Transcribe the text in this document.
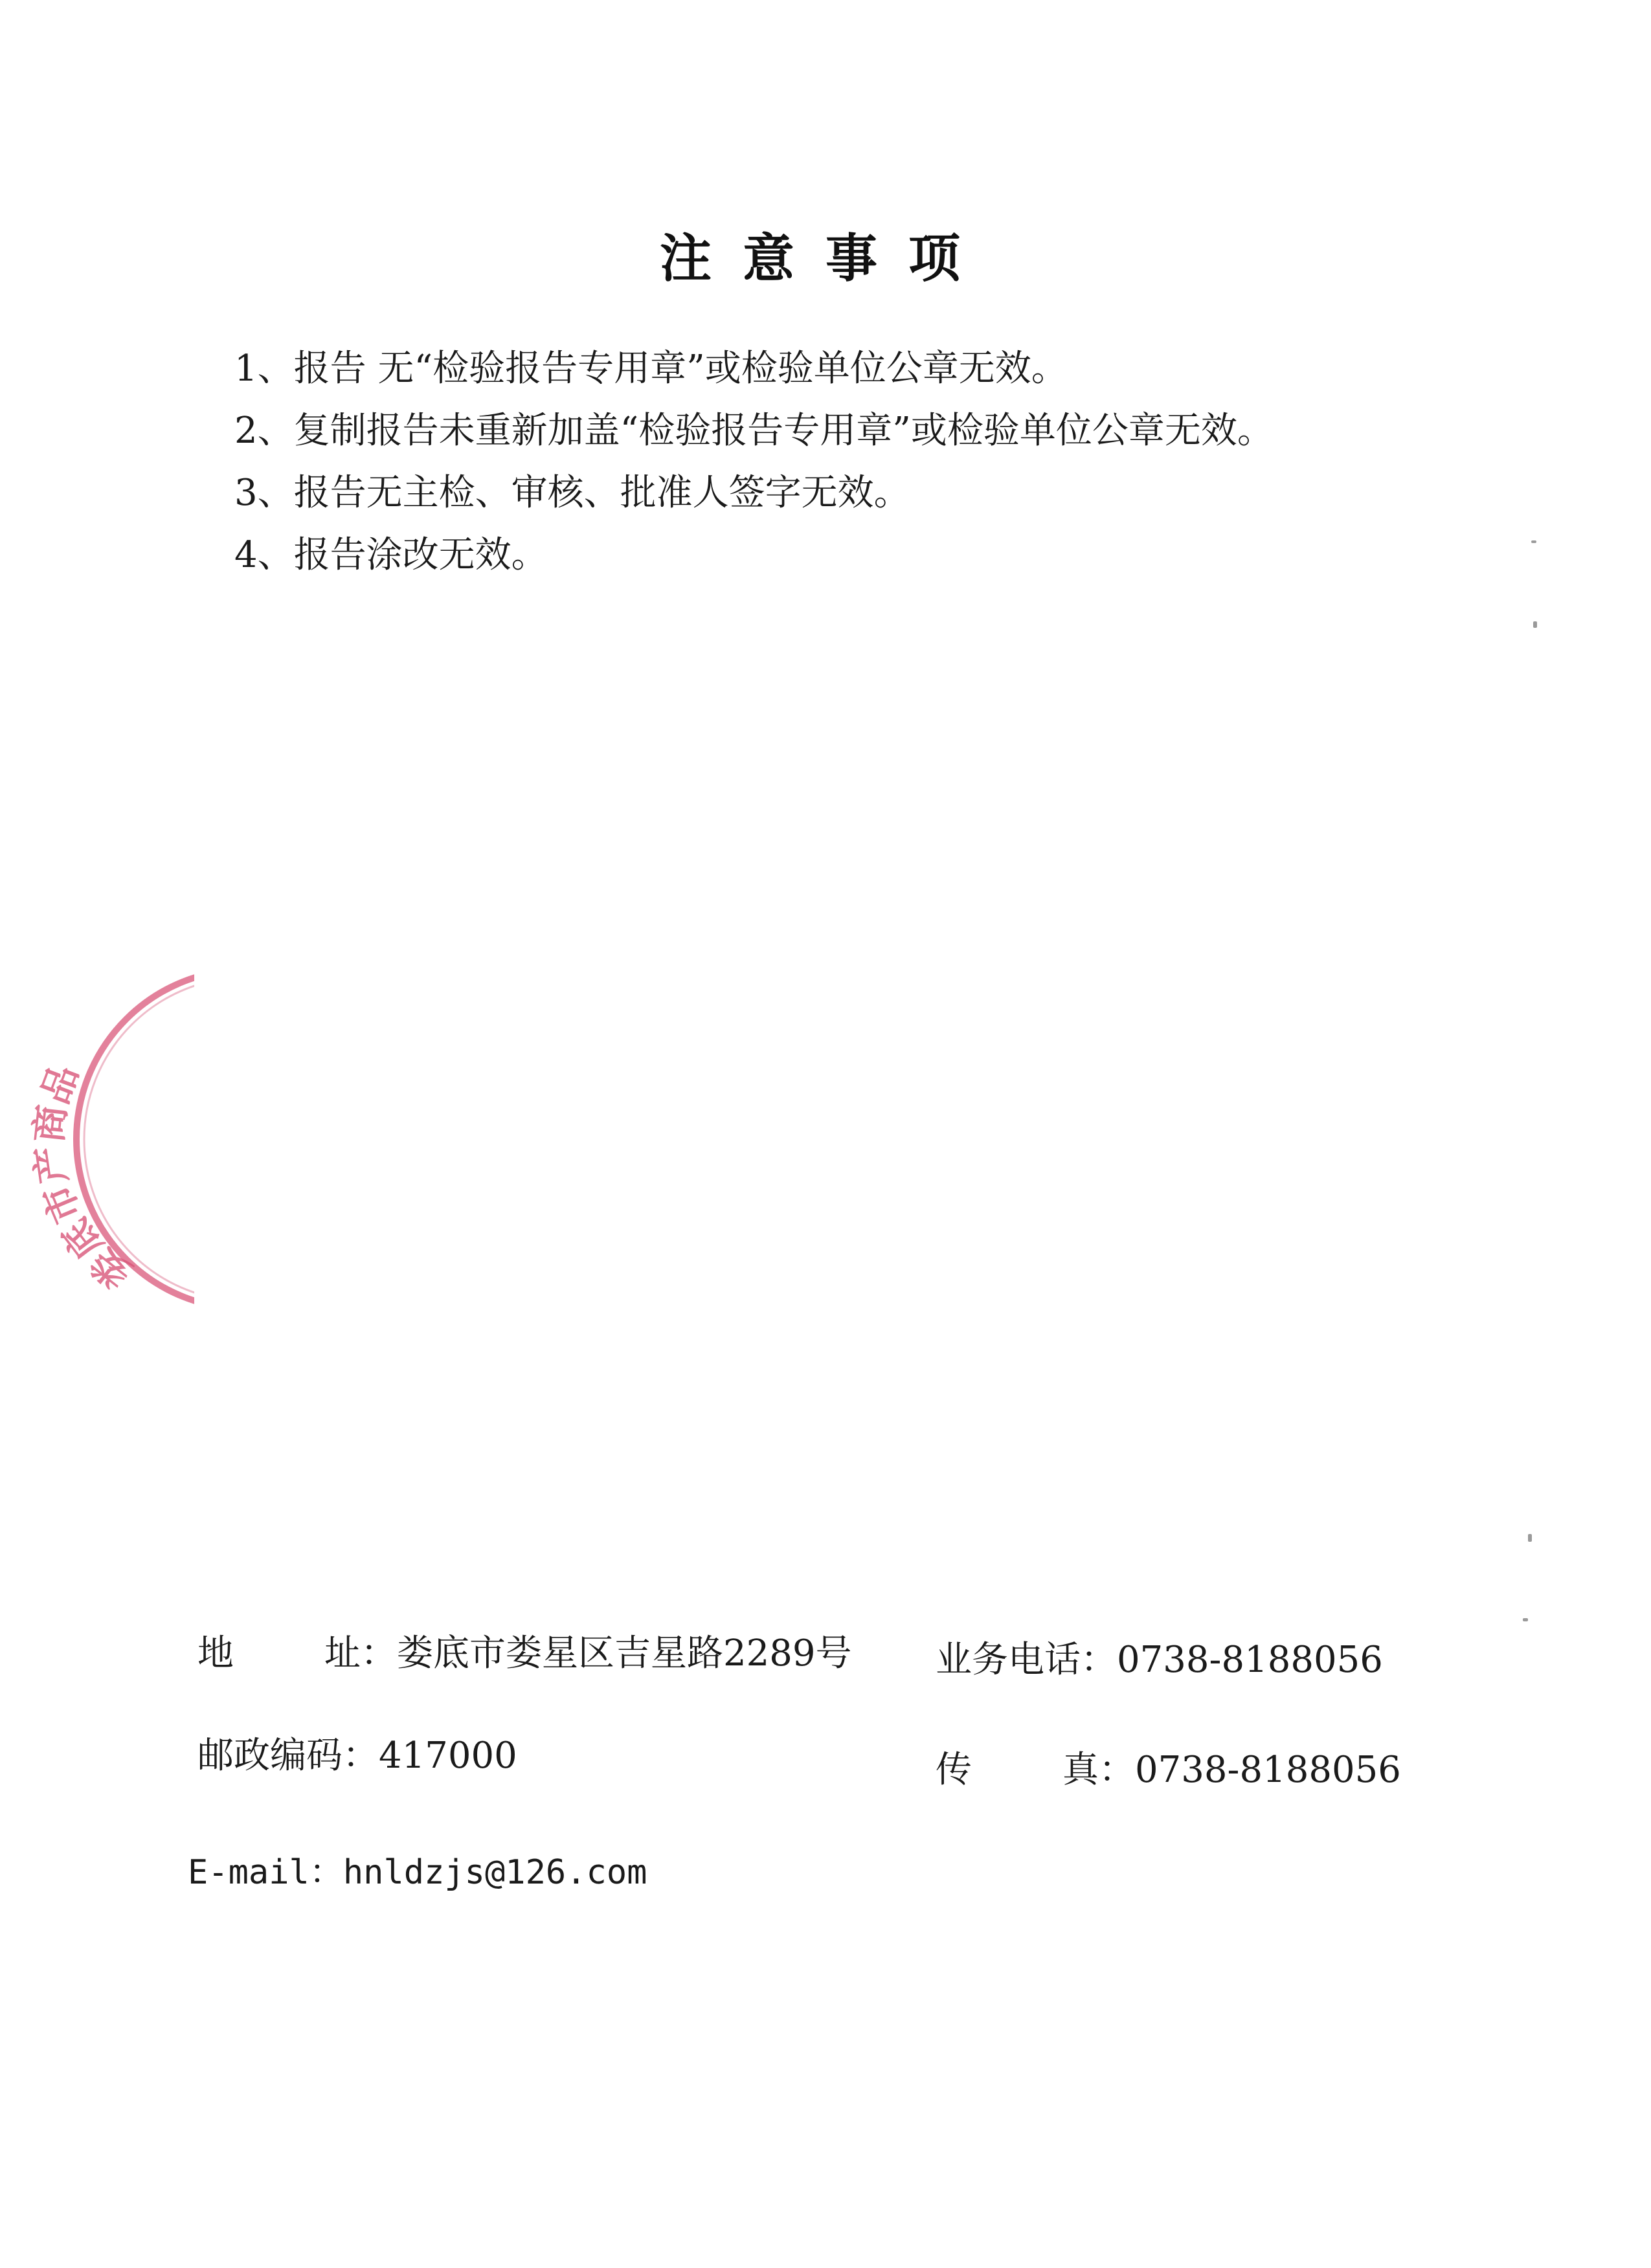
注意事项
1、报告 无“检验报告专用章”或检验单位公章无效。
2、复制报告未重新加盖“检验报告专用章”或检验单位公章无效。
3、报告无主检、审核、批准人签字无效。
4、报告涂改无效。
地	址：娄底市娄星区吉星路2289号 业务电话：0738-8188056
邮政编码：417000	传	真：0738-8188056
E-mail：hnldzjs@126.com
娄底市产商品
